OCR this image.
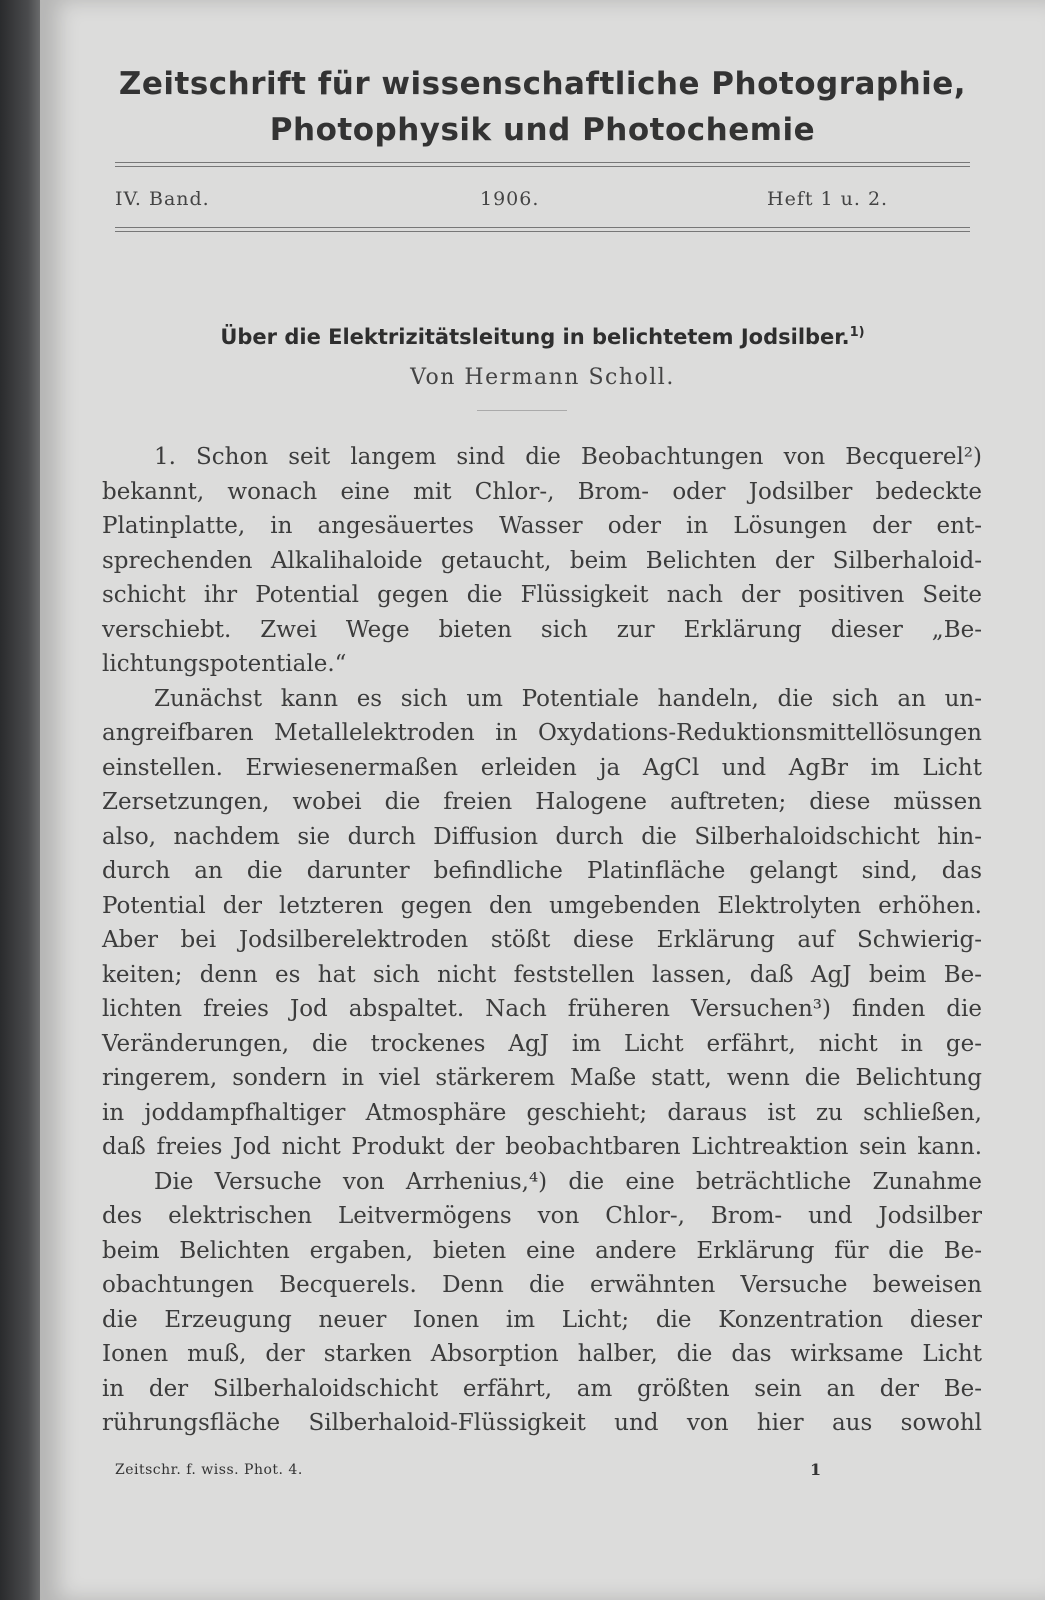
Zeitschrift für wissenschaftliche Photographie,
Photophysik und Photochemie
IV. Band.	1906.	Heft 1 u. 2.
Über die Elektrizitätsleitung in belichtetem Jodsilber.$^{1)}$
Von Hermann Scholl.

1. Schon seit langem sind die Beobachtungen von Becquerel²)
bekannt, wonach eine mit Chlor-, Brom- oder Jodsilber bedeckte
Platinplatte, in angesäuertes Wasser oder in Lösungen der ent-
sprechenden Alkalihaloide getaucht, beim Belichten der Silberhaloid-
schicht ihr Potential gegen die Flüssigkeit nach der positiven Seite
verschiebt. Zwei Wege bieten sich zur Erklärung dieser „Be-
lichtungspotentiale.“

Zunächst kann es sich um Potentiale handeln, die sich an un-
angreifbaren Metallelektroden in Oxydations-Reduktionsmittellösungen
einstellen. Erwiesenermaßen erleiden ja AgCl und AgBr im Licht
Zersetzungen, wobei die freien Halogene auftreten; diese müssen
also, nachdem sie durch Diffusion durch die Silberhaloidschicht hin-
durch an die darunter befindliche Platinfläche gelangt sind, das
Potential der letzteren gegen den umgebenden Elektrolyten erhöhen.
Aber bei Jodsilberelektroden stößt diese Erklärung auf Schwierig-
keiten; denn es hat sich nicht feststellen lassen, daß AgJ beim Be-
lichten freies Jod abspaltet. Nach früheren Versuchen³) finden die
Veränderungen, die trockenes AgJ im Licht erfährt, nicht in ge-
ringerem, sondern in viel stärkerem Maße statt, wenn die Belichtung
in joddampfhaltiger Atmosphäre geschieht; daraus ist zu schließen,
daß freies Jod nicht Produkt der beobachtbaren Lichtreaktion sein kann.

Die Versuche von Arrhenius,⁴) die eine beträchtliche Zunahme
des elektrischen Leitvermögens von Chlor-, Brom- und Jodsilber
beim Belichten ergaben, bieten eine andere Erklärung für die Be-
obachtungen Becquerels. Denn die erwähnten Versuche beweisen
die Erzeugung neuer Ionen im Licht; die Konzentration dieser
Ionen muß, der starken Absorption halber, die das wirksame Licht
in der Silberhaloidschicht erfährt, am größten sein an der Be-
rührungsfläche Silberhaloid-Flüssigkeit und von hier aus sowohl

Zeitschr. f. wiss. Phot. 4.	1
